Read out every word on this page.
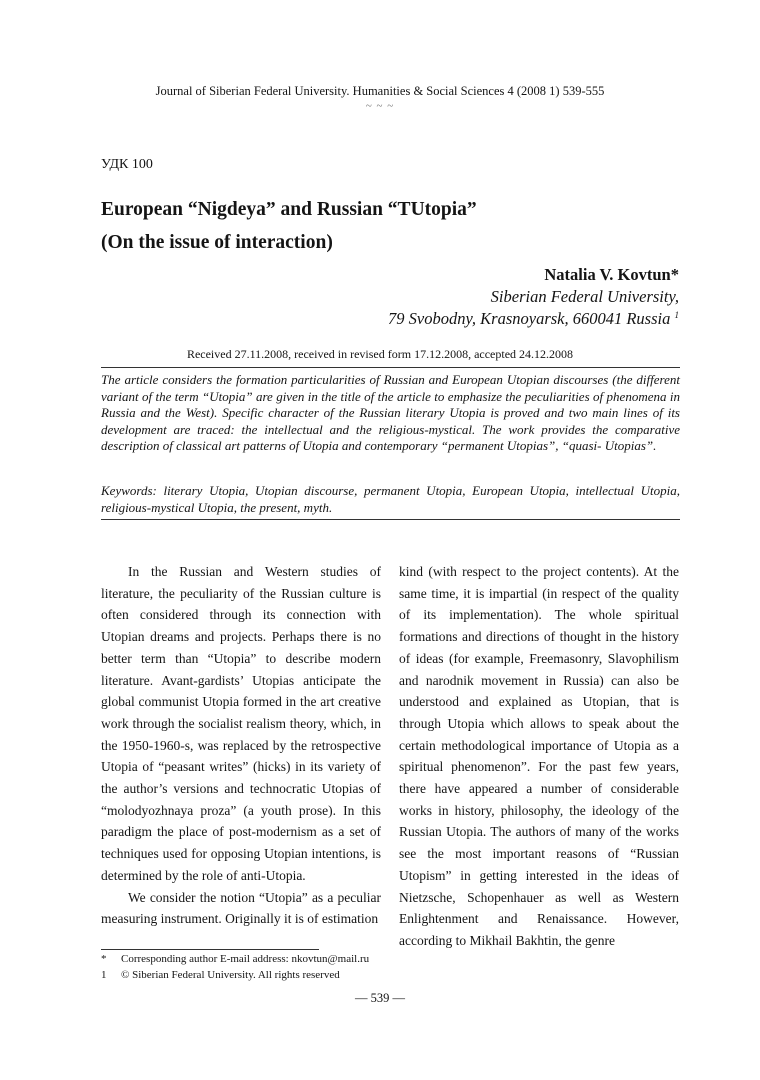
Journal of Siberian Federal University. Humanities & Social Sciences 4 (2008 1) 539-555
~ ~ ~
УДК 100
European “Nigdeya” and Russian “TUtopia”
(On the issue of interaction)
Natalia V. Kovtun*
Siberian Federal University,
79 Svobodny, Krasnoyarsk, 660041 Russia $^1$
Received 27.11.2008, received in revised form 17.12.2008, accepted 24.12.2008
The article considers the formation particularities of Russian and European Utopian discourses (the different variant of the term “Utopia” are given in the title of the article to emphasize the peculiarities of phenomena in Russia and the West). Specific character of the Russian literary Utopia is proved and two main lines of its development are traced: the intellectual and the religious-mystical. The work provides the comparative description of classical art patterns of Utopia and contemporary “permanent Utopias”, “quasi- Utopias”.
Keywords: literary Utopia, Utopian discourse, permanent Utopia, European Utopia, intellectual Utopia, religious-mystical Utopia, the present, myth.

In the Russian and Western studies of literature, the peculiarity of the Russian culture is often considered through its connection with Utopian dreams and projects. Perhaps there is no better term than “Utopia” to describe modern literature. Avant-gardists’ Utopias anticipate the global communist Utopia formed in the art creative work through the socialist realism theory, which, in the 1950-1960-s, was replaced by the retrospective Utopia of “peasant writes” (hicks) in its variety of the author’s versions and technocratic Utopias of “molodyozhnaya proza” (a youth prose). In this paradigm the place of post-modernism as a set of techniques used for opposing Utopian intentions, is determined by the role of anti-Utopia.

We consider the notion “Utopia” as a peculiar measuring instrument. Originally it is of estimation

kind (with respect to the project contents). At the same time, it is impartial (in respect of the quality of its implementation). The whole spiritual formations and directions of thought in the history of ideas (for example, Freemasonry, Slavophilism and narodnik movement in Russia) can also be understood and explained as Utopian, that is through Utopia which allows to speak about the certain methodological importance of Utopia as a spiritual phenomenon”. For the past few years, there have appeared a number of considerable works in history, philosophy, the ideology of the Russian Utopia. The authors of many of the works see the most important reasons of “Russian Utopism” in getting interested in the ideas of Nietzsche, Schopenhauer as well as Western Enlightenment and Renaissance. However, according to Mikhail Bakhtin, the genre

* Corresponding author E-mail address: nkovtun@mail.ru
1 © Siberian Federal University. All rights reserved
— 539 —
